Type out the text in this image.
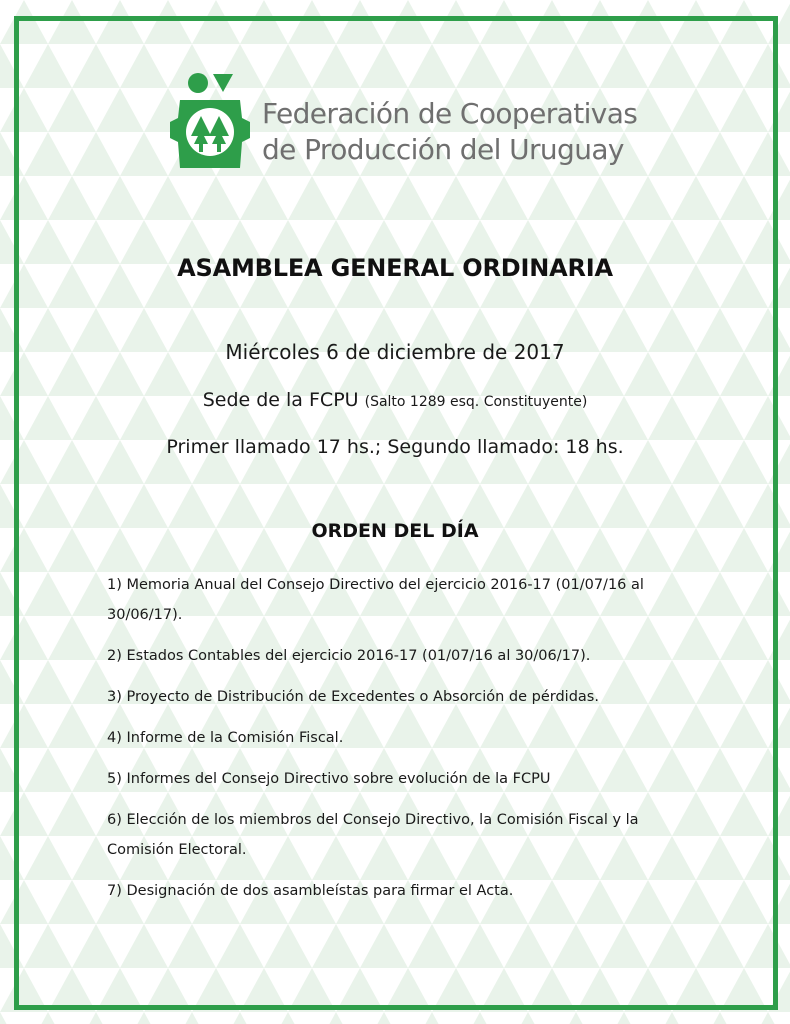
Federación de Cooperativas
de Producción del Uruguay
ASAMBLEA GENERAL ORDINARIA
Miércoles 6 de diciembre de 2017
Sede de la FCPU (Salto 1289 esq. Constituyente)
Primer llamado 17 hs.; Segundo llamado: 18 hs.
ORDEN DEL DÍA
1) Memoria Anual del Consejo Directivo del ejercicio 2016-17 (01/07/16 al 30/06/17).
2) Estados Contables del ejercicio 2016-17 (01/07/16 al 30/06/17).
3) Proyecto de Distribución de Excedentes o Absorción de pérdidas.
4) Informe de la Comisión Fiscal.
5) Informes del Consejo Directivo sobre evolución de la FCPU
6) Elección de los miembros del Consejo Directivo, la Comisión Fiscal y la Comisión Electoral.
7) Designación de dos asambleístas para firmar el Acta.
